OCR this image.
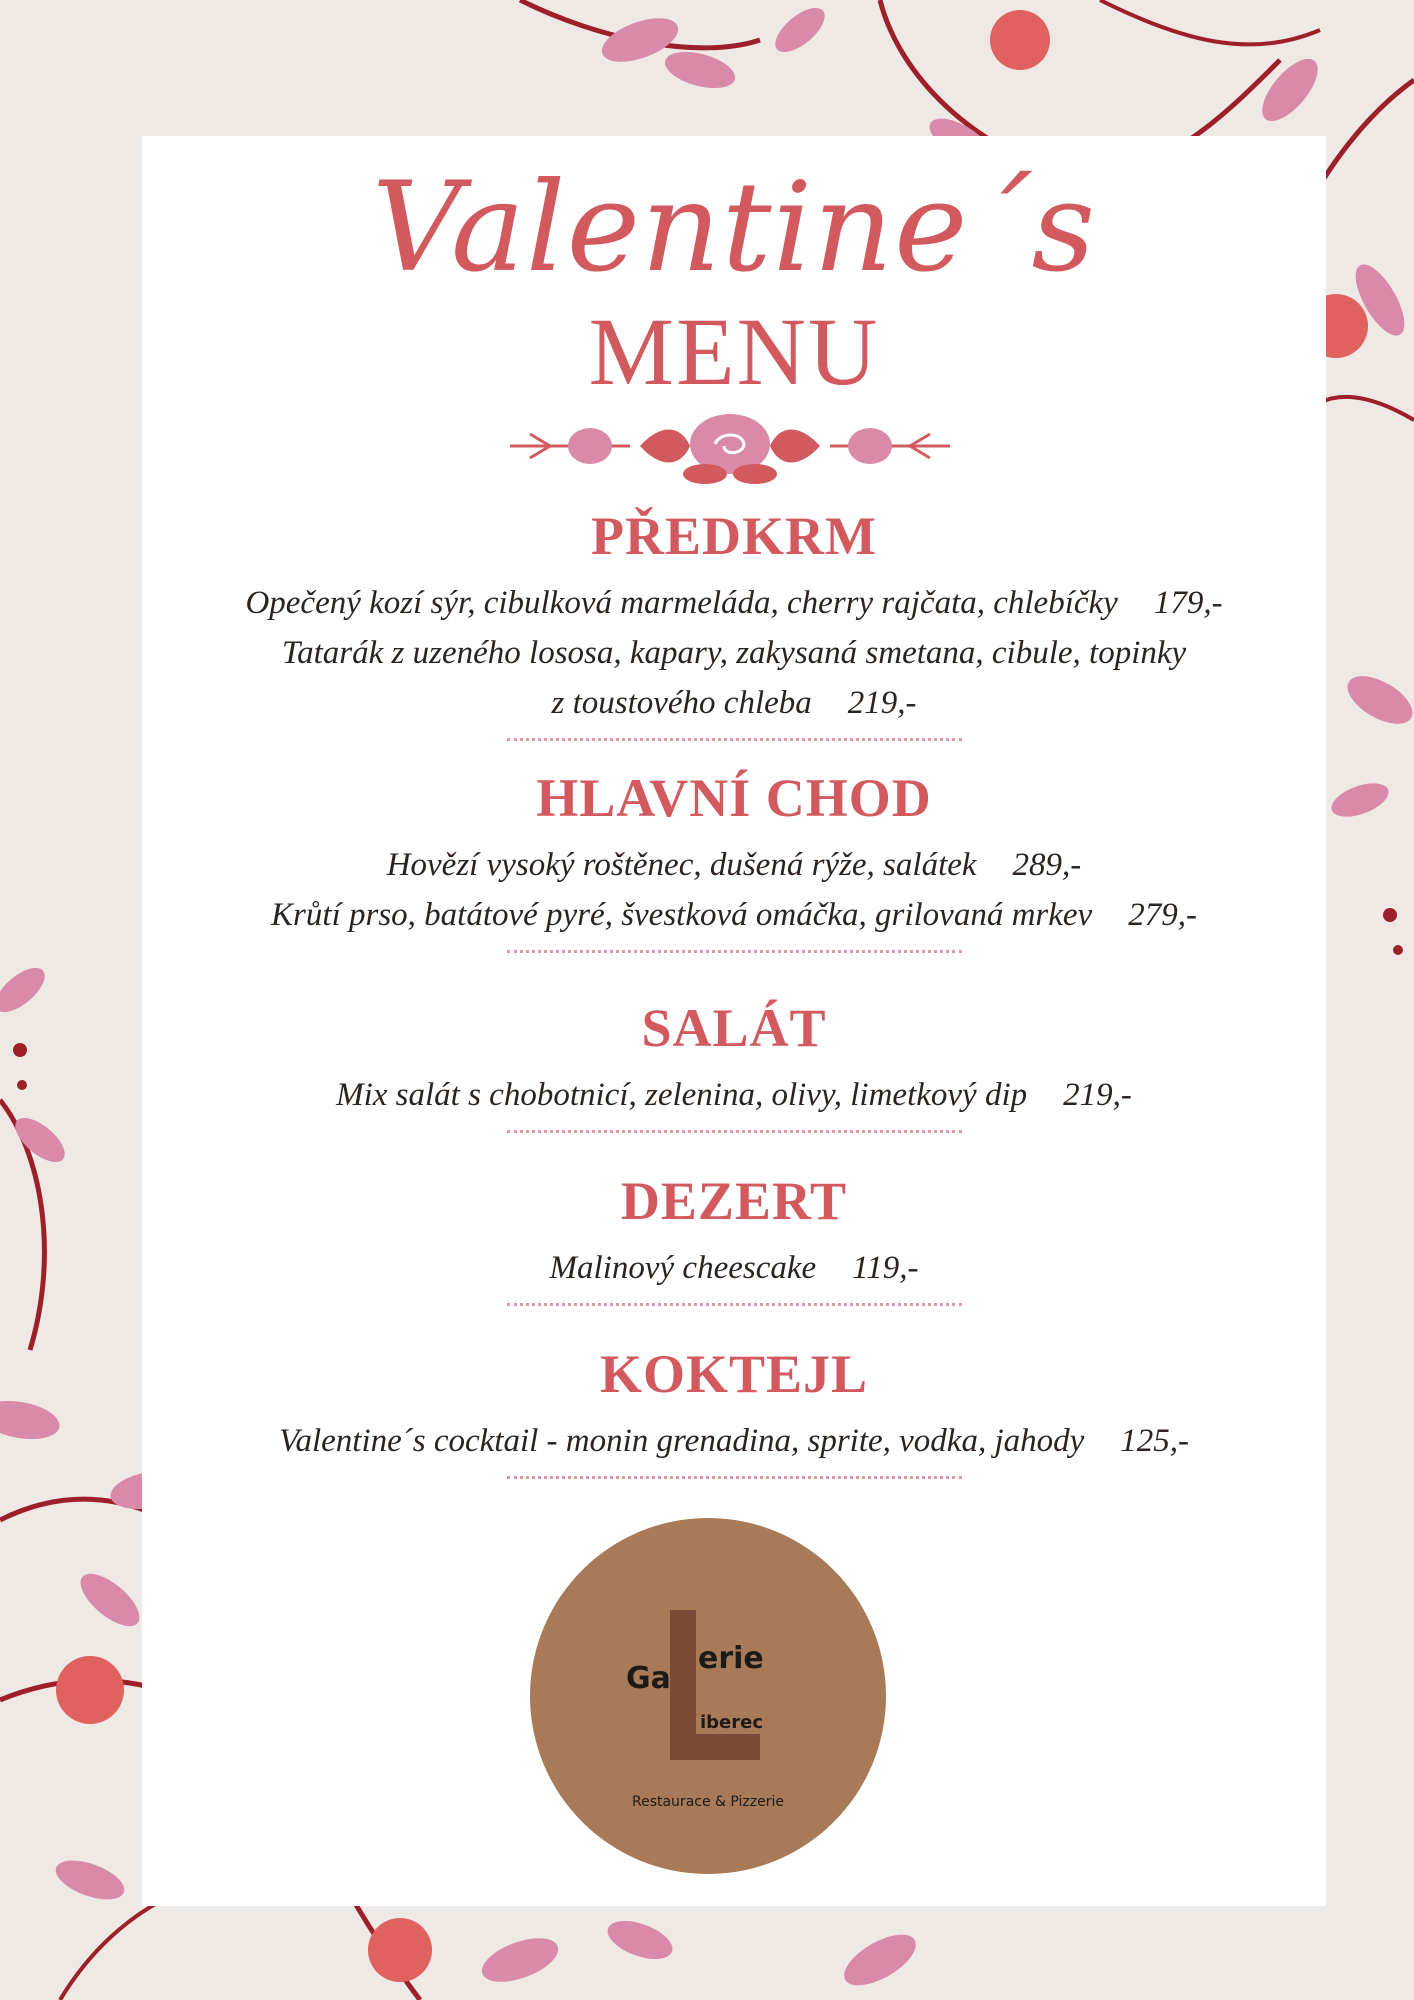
Valentine´s
MENU
PŘEDKRM
Opečený kozí sýr, cibulková marmeláda, cherry rajčata, chlebíčky 179,-
Tatarák z uzeného lososa, kapary, zakysaná smetana, cibule, topinky
z toustového chleba 219,-
HLAVNÍ CHOD
Hovězí vysoký roštěnec, dušená rýže, salátek 289,-
Krůtí prso, batátové pyré, švestková omáčka, grilovaná mrkev 279,-
SALÁT
Mix salát s chobotnicí, zelenina, olivy, limetkový dip 219,-
DEZERT
Malinový cheescake 119,-
KOKTEJL
Valentine´s cocktail - monin grenadina, sprite, vodka, jahody 125,-
Ga
erie
iberec
Restaurace & Pizzerie
